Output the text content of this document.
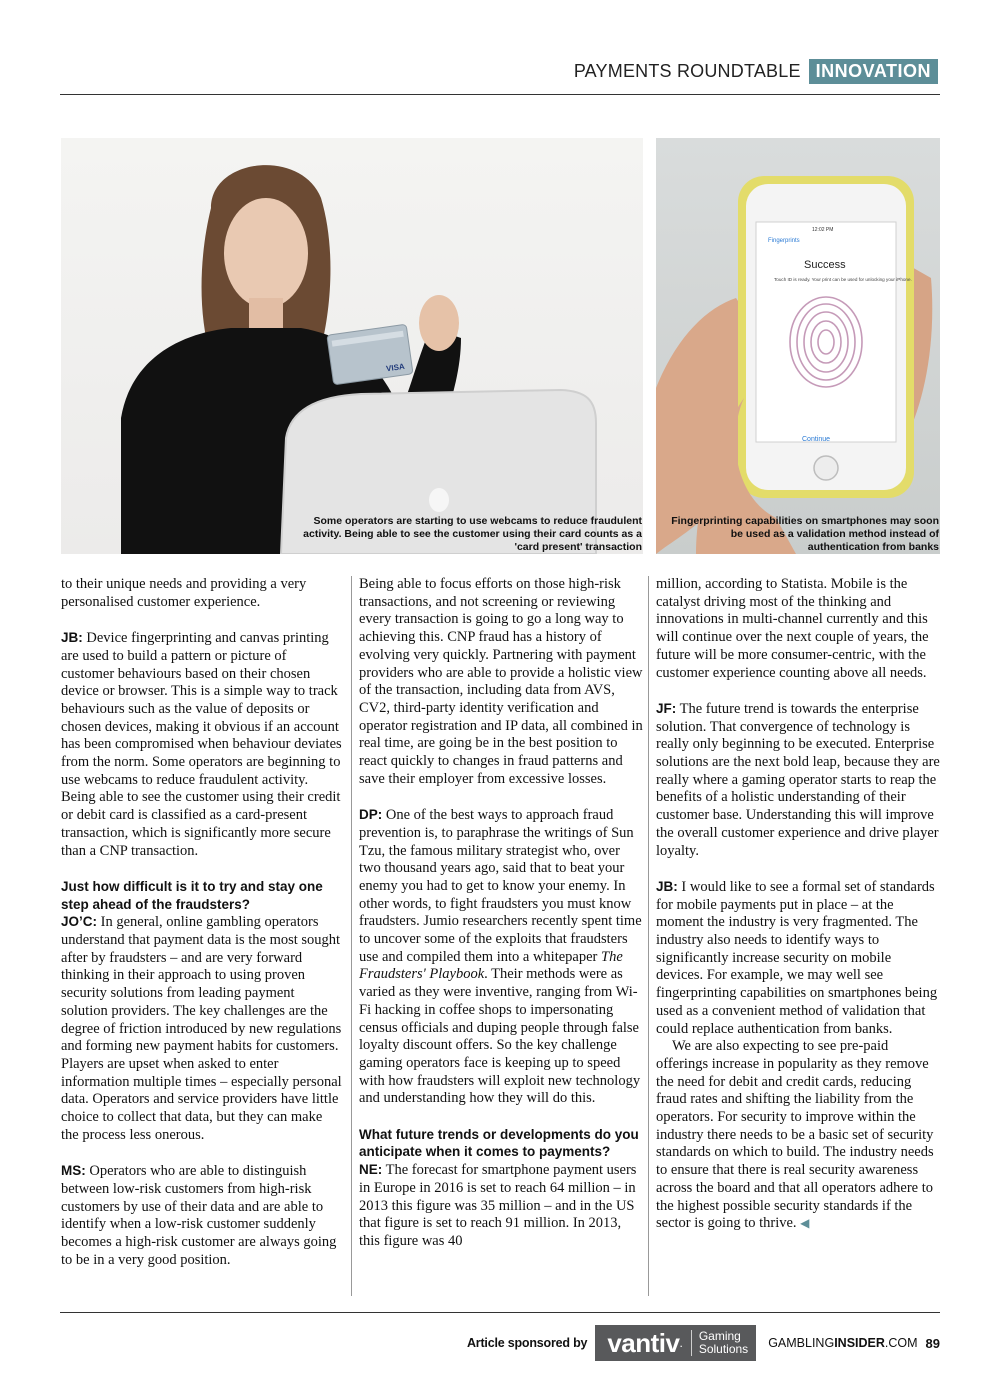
PAYMENTS ROUNDTABLE INNOVATION
VISA
Some operators are starting to use webcams to reduce fraudulent activity. Being able to see the customer using their card counts as a 'card present' transaction
12:02 PM
Fingerprints
Success
Touch ID is ready. Your print can be used for unlocking your iPhone.
Continue
Fingerprinting capabilities on smartphones may soon be used as a validation method instead of authentication from banks

to their unique needs and providing a very personalised customer experience.

JB: Device fingerprinting and canvas printing are used to build a pattern or picture of customer behaviours based on their chosen device or browser. This is a simple way to track behaviours such as the value of deposits or chosen devices, making it obvious if an account has been compromised when behaviour deviates from the norm. Some operators are beginning to use webcams to reduce fraudulent activity. Being able to see the customer using their credit or debit card is classified as a card-present transaction, which is significantly more secure than a CNP transaction.

Just how difficult is it to try and stay one step ahead of the fraudsters?

JO’C: In general, online gambling operators understand that payment data is the most sought after by fraudsters – and are very forward thinking in their approach to using proven security solutions from leading payment solution providers. The key challenges are the degree of friction introduced by new regulations and forming new payment habits for customers. Players are upset when asked to enter information multiple times – especially personal data. Operators and service providers have little choice to collect that data, but they can make the process less onerous.

MS: Operators who are able to distinguish between low-risk customers from high-risk customers by use of their data and are able to identify when a low-risk customer suddenly becomes a high-risk customer are always going to be in a very good position.

Being able to focus efforts on those high-risk transactions, and not screening or reviewing every transaction is going to go a long way to achieving this. CNP fraud has a history of evolving very quickly. Partnering with payment providers who are able to provide a holistic view of the transaction, including data from AVS, CV2, third-party identity verification and operator registration and IP data, all combined in real time, are going be in the best position to react quickly to changes in fraud patterns and save their employer from excessive losses.

DP: One of the best ways to approach fraud prevention is, to paraphrase the writings of Sun Tzu, the famous military strategist who, over two thousand years ago, said that to beat your enemy you had to get to know your enemy. In other words, to fight fraudsters you must know fraudsters. Jumio researchers recently spent time to uncover some of the exploits that fraudsters use and compiled them into a whitepaper The Fraudsters' Playbook. Their methods were as varied as they were inventive, ranging from Wi-Fi hacking in coffee shops to impersonating census officials and duping people through false loyalty discount offers. So the key challenge gaming operators face is keeping up to speed with how fraudsters will exploit new technology and understanding how they will do this.

What future trends or developments do you anticipate when it comes to payments?

NE: The forecast for smartphone payment users in Europe in 2016 is set to reach 64 million – in 2013 this figure was 35 million – and in the US that figure is set to reach 91 million. In 2013, this figure was 40

million, according to Statista. Mobile is the catalyst driving most of the thinking and innovations in multi-channel currently and this will continue over the next couple of years, the future will be more consumer-centric, with the customer experience counting above all needs.

JF: The future trend is towards the enterprise solution. That convergence of technology is really only beginning to be executed. Enterprise solutions are the next bold leap, because they are really where a gaming operator starts to reap the benefits of a holistic understanding of their customer base. Understanding this will improve the overall customer experience and drive player loyalty.

JB: I would like to see a formal set of standards for mobile payments put in place – at the moment the industry is very fragmented. The industry also needs to identify ways to significantly increase security on mobile devices. For example, we may well see fingerprinting capabilities on smartphones being used as a convenient method of validation that could replace authentication from banks.

We are also expecting to see pre-paid offerings increase in popularity as they remove the need for debit and credit cards, reducing fraud rates and shifting the liability from the operators. For security to improve within the industry there needs to be a basic set of security standards on which to build. The industry needs to ensure that there is real security awareness across the board and that all operators adhere to the highest possible security standards if the sector is going to thrive. ◀

Article sponsored by vantiv . Gaming
Solutions GAMBLINGINSIDER.COM 89
